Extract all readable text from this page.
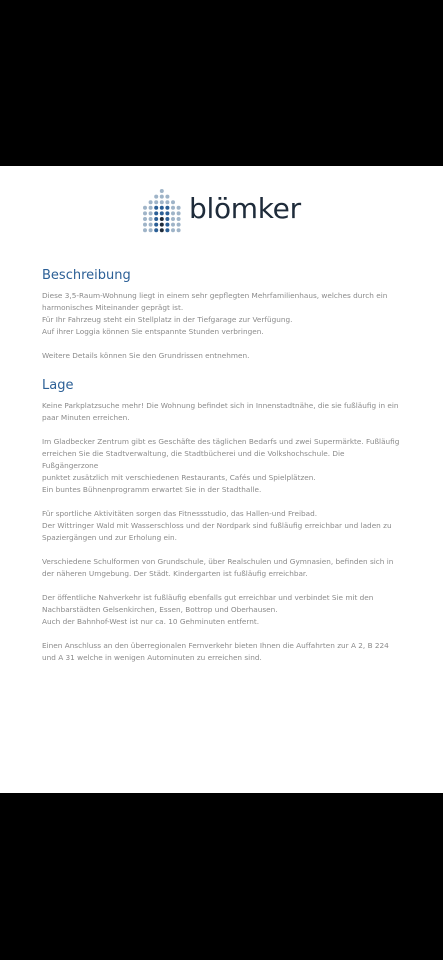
blömker
Beschreibung

Diese 3,5-Raum-Wohnung liegt in einem sehr gepflegten Mehrfamilienhaus, welches durch ein
harmonisches Miteinander geprägt ist.
Für Ihr Fahrzeug steht ein Stellplatz in der Tiefgarage zur Verfügung.
Auf ihrer Loggia können Sie entspannte Stunden verbringen.

Weitere Details können Sie den Grundrissen entnehmen.

Lage

Keine Parkplatzsuche mehr! Die Wohnung befindet sich in Innenstadtnähe, die sie fußläufig in ein
paar Minuten erreichen.

Im Gladbecker Zentrum gibt es Geschäfte des täglichen Bedarfs und zwei Supermärkte. Fußläufig
erreichen Sie die Stadtverwaltung, die Stadtbücherei und die Volkshochschule. Die Fußgängerzone
punktet zusätzlich mit verschiedenen Restaurants, Cafés und Spielplätzen.
Ein buntes Bühnenprogramm erwartet Sie in der Stadthalle.

Für sportliche Aktivitäten sorgen das Fitnessstudio, das Hallen-und Freibad.
Der Wittringer Wald mit Wasserschloss und der Nordpark sind fußläufig erreichbar und laden zu
Spaziergängen und zur Erholung ein.

Verschiedene Schulformen von Grundschule, über Realschulen und Gymnasien, befinden sich in
der näheren Umgebung. Der Städt. Kindergarten ist fußläufig erreichbar.

Der öffentliche Nahverkehr ist fußläufig ebenfalls gut erreichbar und verbindet Sie mit den
Nachbarstädten Gelsenkirchen, Essen, Bottrop und Oberhausen.
Auch der Bahnhof-West ist nur ca. 10 Gehminuten entfernt.

Einen Anschluss an den überregionalen Fernverkehr bieten Ihnen die Auffahrten zur A 2, B 224
und A 31 welche in wenigen Autominuten zu erreichen sind.
